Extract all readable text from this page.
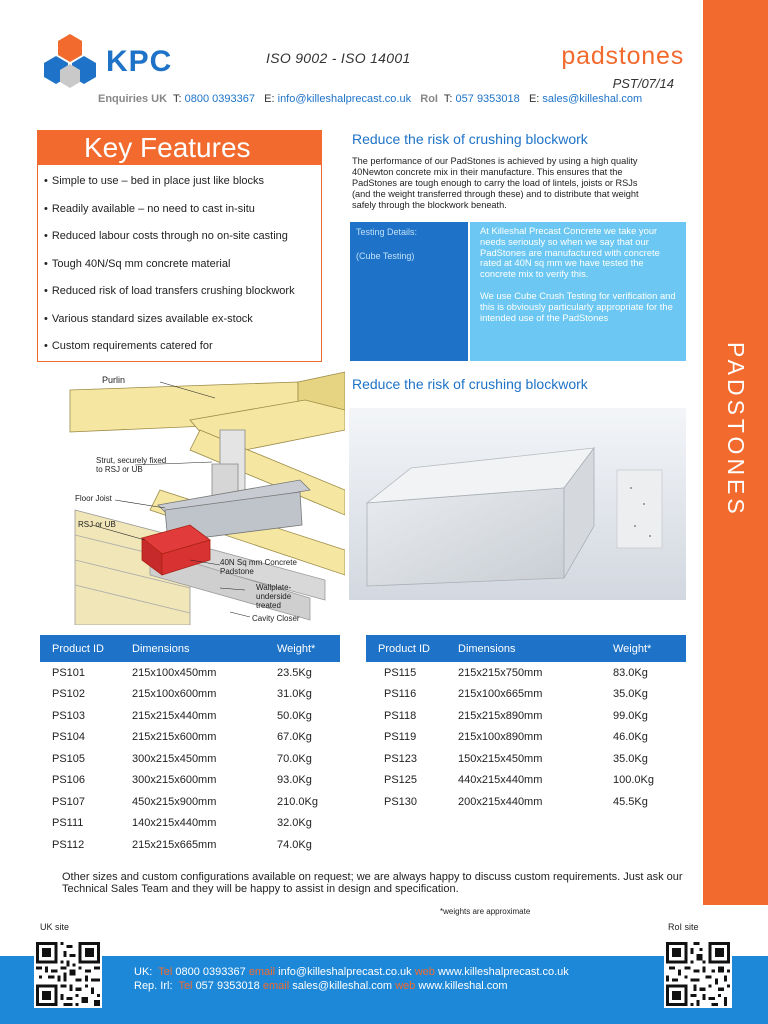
PADSTONES
KPC	ISO 9002 - ISO 14001	padstones
PST/07/14
Enquiries UK T: 0800 0393367 E: info@killeshalprecast.co.uk RoI T: 057 9353018 E: sales@killeshal.com
Key Features
• Simple to use – bed in place just like blocks
• Readily available – no need to cast in-situ
• Reduced labour costs through no on-site casting
• Tough 40N/Sq mm concrete material
• Reduced risk of load transfers crushing blockwork
• Various standard sizes available ex-stock
• Custom requirements catered for
Reduce the risk of crushing blockwork
The performance of our PadStones is achieved by using a high quality 40Newton concrete mix in their manufacture. This ensures that the PadStones are tough enough to carry the load of lintels, joists or RSJs (and the weight transferred through these) and to distribute that weight safely through the blockwork beneath.

Testing Details:

(Cube Testing)

At Killeshal Precast Concrete we take your needs seriously so when we say that our PadStones are manufactured with concrete rated at 40N sq mm we have tested the concrete mix to verify this.

We use Cube Crush Testing for verification and this is obviously particularly appropriate for the intended use of the PadStones

Purlin
Strut, securely fixed to RSJ or UB
Floor Joist
RSJ or UB
40N Sq mm Concrete Padstone
Wallplate- underside treated
Cavity Closer
Reduce the risk of crushing blockwork
Product ID	Dimensions	Weight*
PS101	215x100x450mm	23.5Kg
PS102	215x100x600mm	31.0Kg
PS103	215x215x440mm	50.0Kg
PS104	215x215x600mm	67.0Kg
PS105	300x215x450mm	70.0Kg
PS106	300x215x600mm	93.0Kg
PS107	450x215x900mm	210.0Kg
PS111	140x215x440mm	32.0Kg
PS112	215x215x665mm	74.0Kg
Product ID	Dimensions	Weight*
PS115	215x215x750mm	83.0Kg
PS116	215x100x665mm	35.0Kg
PS118	215x215x890mm	99.0Kg
PS119	215x100x890mm	46.0Kg
PS123	150x215x450mm	35.0Kg
PS125	440x215x440mm	100.0Kg
PS130	200x215x440mm	45.5Kg
Other sizes and custom configurations available on request; we are always happy to discuss custom requirements. Just ask our Technical Sales Team and they will be happy to assist in design and specification.
*weights are approximate
UK site	RoI site
UK: Tel 0800 0393367 email info@killeshalprecast.co.uk web www.killeshalprecast.co.uk
Rep. Irl: Tel 057 9353018 email sales@killeshal.com web www.killeshal.com
